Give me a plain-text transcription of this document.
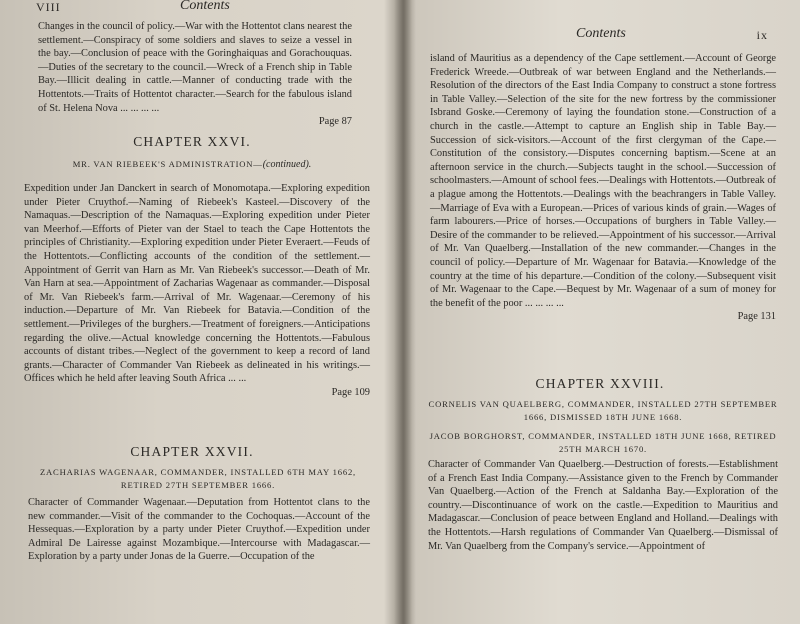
VIII	Contents

Changes in the council of policy.—War with the Hottentot clans nearest the settlement.—Conspiracy of some soldiers and slaves to seize a vessel in the bay.—Conclusion of peace with the Goringhaiquas and Gorachouquas.—Duties of the secretary to the council.—Wreck of a French ship in Table Bay.—Illicit dealing in cattle.—Manner of conducting trade with the Hottentots.—Traits of Hottentot character.—Search for the fabulous island of St. Helena Nova ... ... ... ...

Page 87
CHAPTER XXVI.
MR. VAN RIEBEEK'S ADMINISTRATION—(continued).

Expedition under Jan Danckert in search of Monomotapa.—Exploring expedition under Pieter Cruythof.—Naming of Riebeek's Kasteel.—Discovery of the Namaquas.—Description of the Namaquas.—Exploring expedition under Pieter van Meerhof.—Efforts of Pieter van der Stael to teach the Cape Hottentots the principles of Christianity.—Exploring expedition under Pieter Everaert.—Feuds of the Hottentots.—Conflicting accounts of the condition of the settlement.—Appointment of Gerrit van Harn as Mr. Van Riebeek's successor.—Death of Mr. Van Harn at sea.—Appointment of Zacharias Wagenaar as commander.—Disposal of Mr. Van Riebeek's farm.—Arrival of Mr. Wagenaar.—Ceremony of his induction.—Departure of Mr. Van Riebeek for Batavia.—Condition of the settlement.—Privileges of the burghers.—Treatment of foreigners.—Anticipations regarding the olive.—Actual knowledge concerning the Hottentots.—Fabulous accounts of distant tribes.—Neglect of the government to keep a record of land grants.—Character of Commander Van Riebeek as delineated in his writings.—Offices which he held after leaving South Africa ... ...

Page 109
CHAPTER XXVII.
ZACHARIAS WAGENAAR, COMMANDER, INSTALLED 6TH MAY 1662, RETIRED 27TH SEPTEMBER 1666.

Character of Commander Wagenaar.—Deputation from Hottentot clans to the new commander.—Visit of the commander to the Cochoquas.—Account of the Hessequas.—Exploration by a party under Pieter Cruythof.—Expedition under Admiral De Lairesse against Mozambique.—Intercourse with Madagascar.—Exploration by a party under Jonas de la Guerre.—Occupation of the

Contents	ix

island of Mauritius as a dependency of the Cape settlement.—Account of George Frederick Wreede.—Outbreak of war between England and the Netherlands.—Resolution of the directors of the East India Company to construct a stone fortress in Table Valley.—Selection of the site for the new fortress by the commissioner Isbrand Goske.—Ceremony of laying the foundation stone.—Construction of a church in the castle.—Attempt to capture an English ship in Table Bay.—Succession of sick-visitors.—Account of the first clergyman of the Cape.—Constitution of the consistory.—Disputes concerning baptism.—Scene at an afternoon service in the church.—Subjects taught in the school.—Succession of schoolmasters.—Amount of school fees.—Dealings with Hottentots.—Outbreak of a plague among the Hottentots.—Dealings with the beachrangers in Table Valley.—Marriage of Eva with a European.—Prices of various kinds of grain.—Wages of farm labourers.—Price of horses.—Occupations of burghers in Table Valley.—Desire of the commander to be relieved.—Appointment of his successor.—Arrival of Mr. Van Quaelberg.—Installation of the new commander.—Changes in the council of policy.—Departure of Mr. Wagenaar for Batavia.—Knowledge of the country at the time of his departure.—Condition of the colony.—Subsequent visit of Mr. Wagenaar to the Cape.—Bequest by Mr. Wagenaar of a sum of money for the benefit of the poor ... ... ... ...

Page 131
CHAPTER XXVIII.
CORNELIS VAN QUAELBERG, COMMANDER, INSTALLED 27TH SEPTEMBER 1666, DISMISSED 18TH JUNE 1668.
JACOB BORGHORST, COMMANDER, INSTALLED 18TH JUNE 1668, RETIRED 25TH MARCH 1670.

Character of Commander Van Quaelberg.—Destruction of forests.—Establishment of a French East India Company.—Assistance given to the French by Commander Van Quaelberg.—Action of the French at Saldanha Bay.—Exploration of the country.—Discontinuance of work on the castle.—Expedition to Mauritius and Madagascar.—Conclusion of peace between England and Holland.—Dealings with the Hottentots.—Harsh regulations of Commander Van Quaelberg.—Dismissal of Mr. Van Quaelberg from the Company's service.—Appointment of
